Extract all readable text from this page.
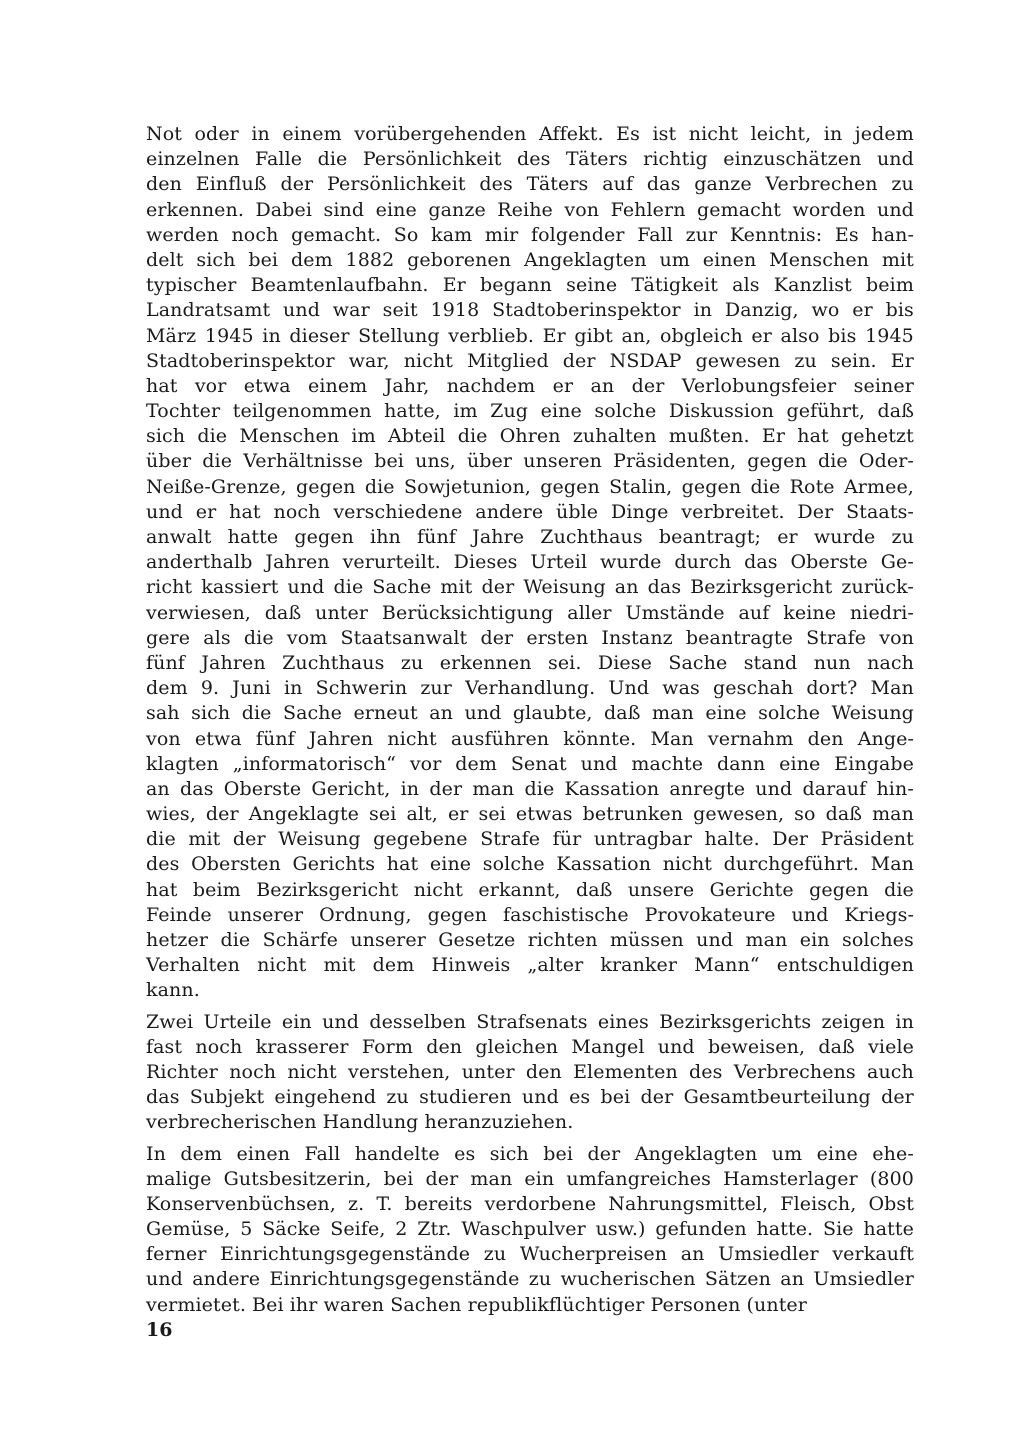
Not oder in einem vorübergehenden Affekt. Es ist nicht leicht, in jedem
einzelnen Falle die Persönlichkeit des Täters richtig einzuschätzen und
den Einfluß der Persönlichkeit des Täters auf das ganze Verbrechen zu
erkennen. Dabei sind eine ganze Reihe von Fehlern gemacht worden und
werden noch gemacht. So kam mir folgender Fall zur Kenntnis: Es han-
delt sich bei dem 1882 geborenen Angeklagten um einen Menschen mit
typischer Beamtenlaufbahn. Er begann seine Tätigkeit als Kanzlist beim
Landratsamt und war seit 1918 Stadtoberinspektor in Danzig, wo er bis
März 1945 in dieser Stellung verblieb. Er gibt an, obgleich er also bis 1945
Stadtoberinspektor war, nicht Mitglied der NSDAP gewesen zu sein. Er
hat vor etwa einem Jahr, nachdem er an der Verlobungsfeier seiner
Tochter teilgenommen hatte, im Zug eine solche Diskussion geführt, daß
sich die Menschen im Abteil die Ohren zuhalten mußten. Er hat gehetzt
über die Verhältnisse bei uns, über unseren Präsidenten, gegen die Oder-
Neiße-Grenze, gegen die Sowjetunion, gegen Stalin, gegen die Rote Armee,
und er hat noch verschiedene andere üble Dinge verbreitet. Der Staats-
anwalt hatte gegen ihn fünf Jahre Zuchthaus beantragt; er wurde zu
anderthalb Jahren verurteilt. Dieses Urteil wurde durch das Oberste Ge-
richt kassiert und die Sache mit der Weisung an das Bezirksgericht zurück-
verwiesen, daß unter Berücksichtigung aller Umstände auf keine niedri-
gere als die vom Staatsanwalt der ersten Instanz beantragte Strafe von
fünf Jahren Zuchthaus zu erkennen sei. Diese Sache stand nun nach
dem 9. Juni in Schwerin zur Verhandlung. Und was geschah dort? Man
sah sich die Sache erneut an und glaubte, daß man eine solche Weisung
von etwa fünf Jahren nicht ausführen könnte. Man vernahm den Ange-
klagten „informatorisch“ vor dem Senat und machte dann eine Eingabe
an das Oberste Gericht, in der man die Kassation anregte und darauf hin-
wies, der Angeklagte sei alt, er sei etwas betrunken gewesen, so daß man
die mit der Weisung gegebene Strafe für untragbar halte. Der Präsident
des Obersten Gerichts hat eine solche Kassation nicht durchgeführt. Man
hat beim Bezirksgericht nicht erkannt, daß unsere Gerichte gegen die
Feinde unserer Ordnung, gegen faschistische Provokateure und Kriegs-
hetzer die Schärfe unserer Gesetze richten müssen und man ein solches
Verhalten nicht mit dem Hinweis „alter kranker Mann“ entschuldigen
kann.
Zwei Urteile ein und desselben Strafsenats eines Bezirksgerichts zeigen in
fast noch krasserer Form den gleichen Mangel und beweisen, daß viele
Richter noch nicht verstehen, unter den Elementen des Verbrechens auch
das Subjekt eingehend zu studieren und es bei der Gesamtbeurteilung der
verbrecherischen Handlung heranzuziehen.
In dem einen Fall handelte es sich bei der Angeklagten um eine ehe-
malige Gutsbesitzerin, bei der man ein umfangreiches Hamsterlager (800
Konservenbüchsen, z. T. bereits verdorbene Nahrungsmittel, Fleisch, Obst
Gemüse, 5 Säcke Seife, 2 Ztr. Waschpulver usw.) gefunden hatte. Sie hatte
ferner Einrichtungsgegenstände zu Wucherpreisen an Umsiedler verkauft
und andere Einrichtungsgegenstände zu wucherischen Sätzen an Umsiedler
vermietet. Bei ihr waren Sachen republikflüchtiger Personen (unter
16
